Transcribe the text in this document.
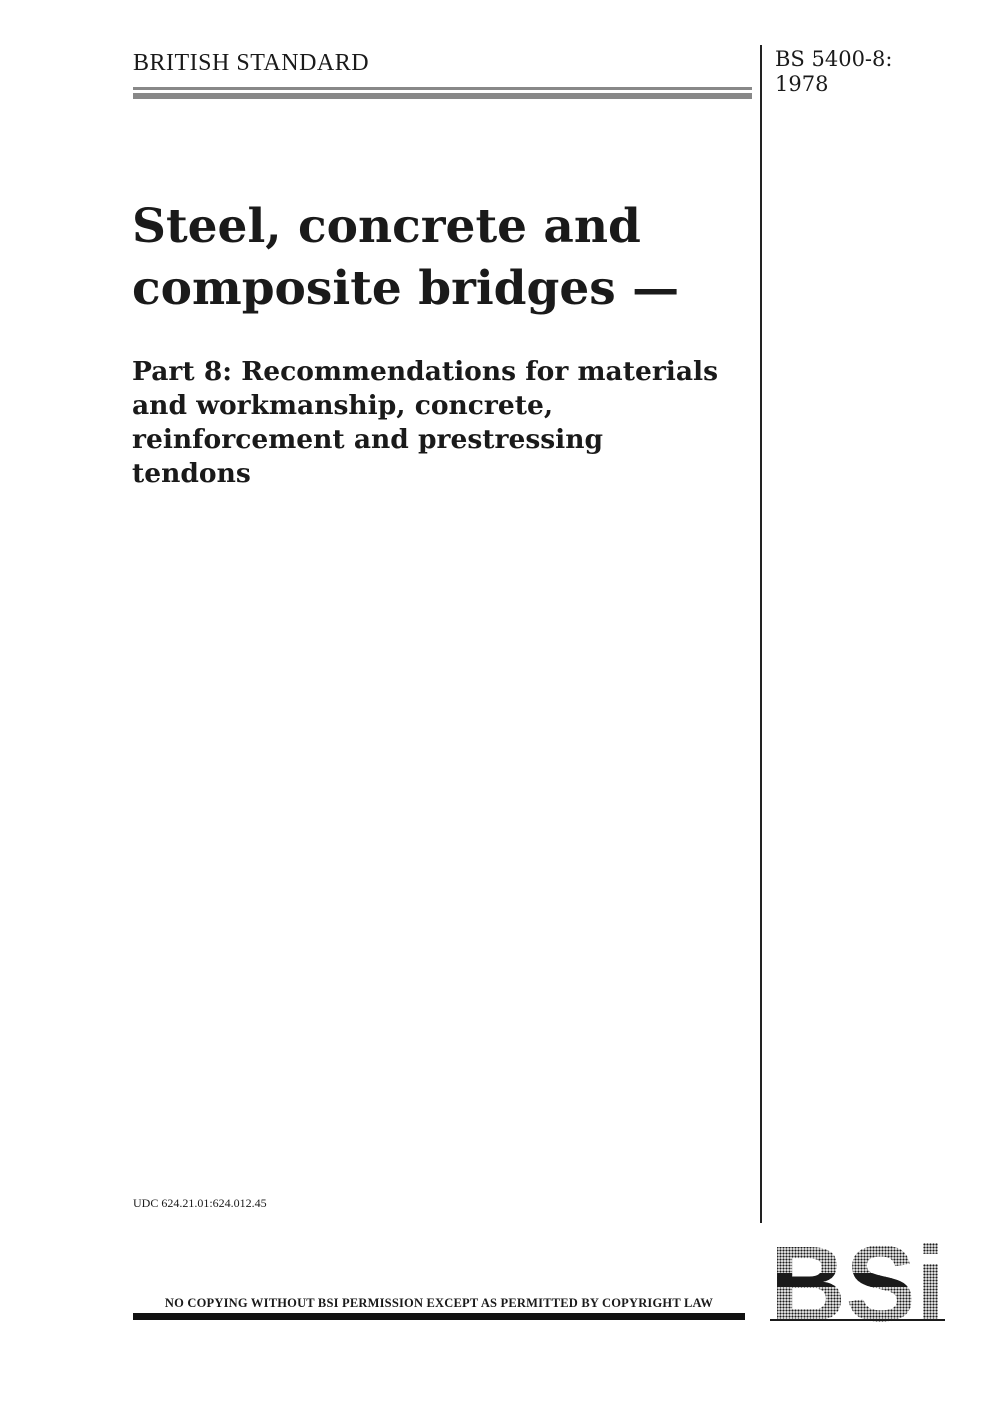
BRITISH STANDARD	BS 5400-8:
1978
Steel, concrete and
composite bridges —
Part 8: Recommendations for materials
and workmanship, concrete,
reinforcement and prestressing
tendons
UDC 624.21.01:624.012.45
NO COPYING WITHOUT BSI PERMISSION EXCEPT AS PERMITTED BY COPYRIGHT LAW
